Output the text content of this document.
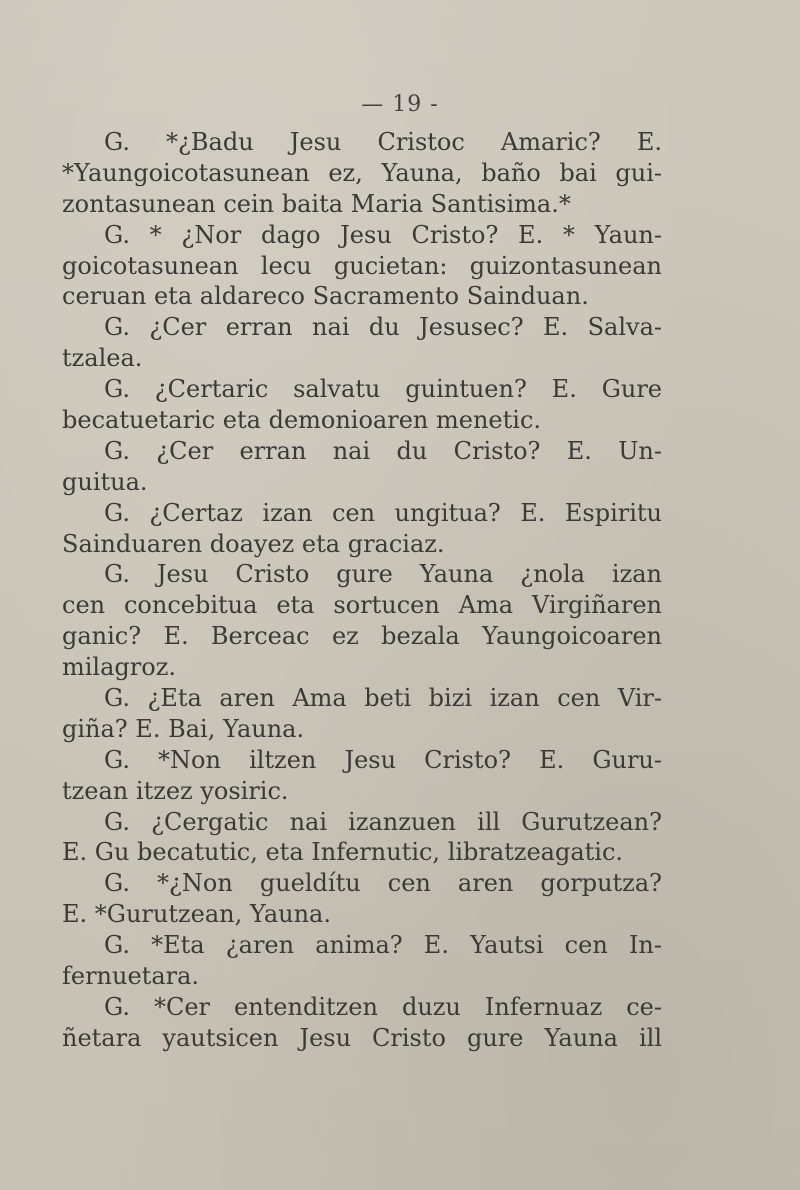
— 19 -
G. *¿Badu Jesu Cristoc Amaric? E.
*Yaungoicotasunean ez, Yauna, baño bai gui-
zontasunean cein baita Maria Santisima.*
G. * ¿Nor dago Jesu Cristo? E. * Yaun-
goicotasunean lecu gucietan: guizontasunean
ceruan eta aldareco Sacramento Sainduan.
G. ¿Cer erran nai du Jesusec? E. Salva-
tzalea.
G. ¿Certaric salvatu guintuen? E. Gure
becatuetaric eta demonioaren menetic.
G. ¿Cer erran nai du Cristo? E. Un-
guitua.
G. ¿Certaz izan cen ungitua? E. Espiritu
Sainduaren doayez eta graciaz.
G. Jesu Cristo gure Yauna ¿nola izan
cen concebitua eta sortucen Ama Virgiñaren
ganic? E. Berceac ez bezala Yaungoicoaren
milagroz.
G. ¿Eta aren Ama beti bizi izan cen Vir-
giña? E. Bai, Yauna.
G. *Non iltzen Jesu Cristo? E. Guru-
tzean itzez yosiric.
G. ¿Cergatic nai izanzuen ill Gurutzean?
E. Gu becatutic, eta Infernutic, libratzeagatic.
G. *¿Non gueldítu cen aren gorputza?
E. *Gurutzean, Yauna.
G. *Eta ¿aren anima? E. Yautsi cen In-
fernuetara.
G. *Cer entenditzen duzu Infernuaz ce-
ñetara yautsicen Jesu Cristo gure Yauna ill
